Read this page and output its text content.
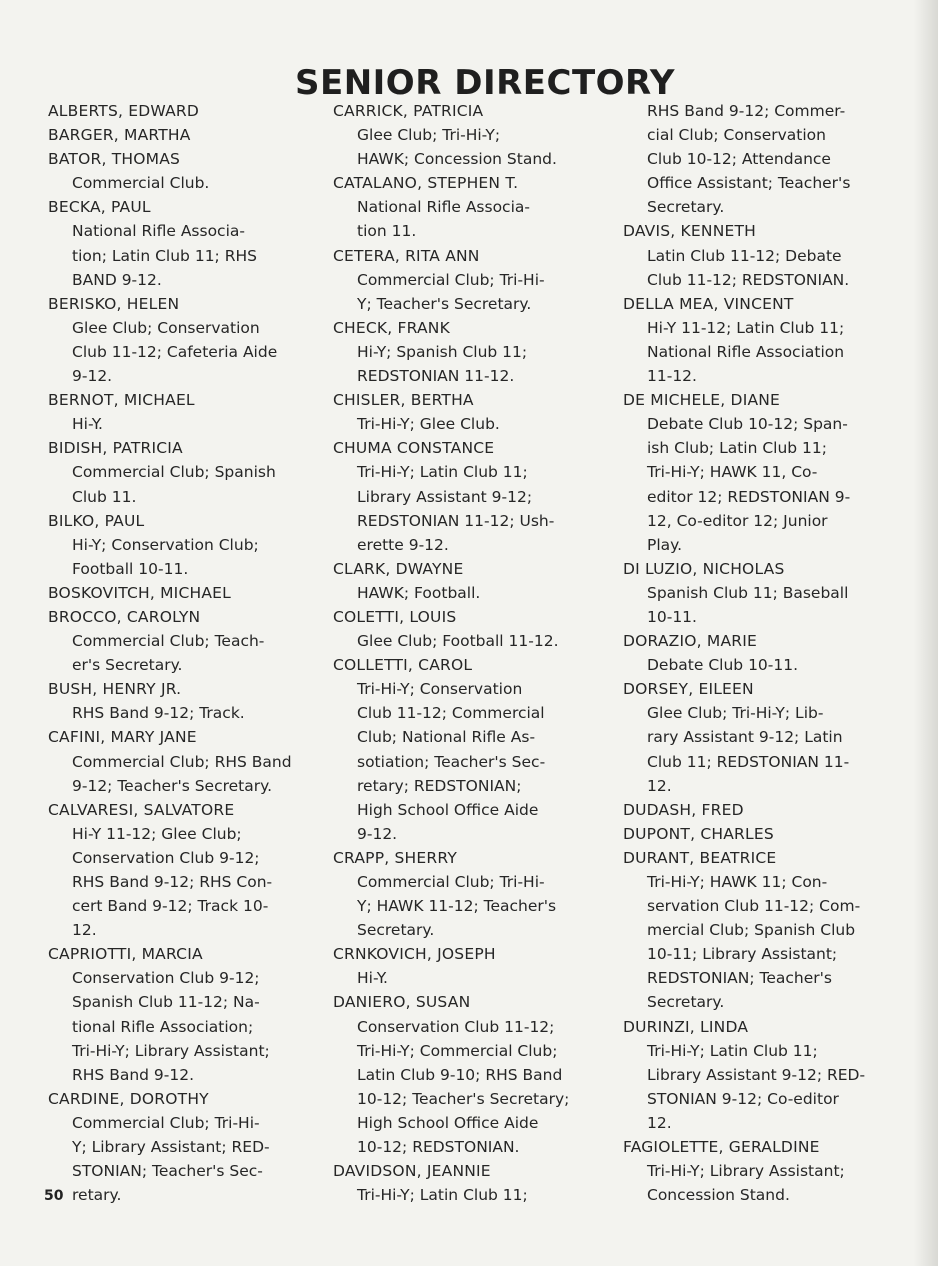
SENIOR DIRECTORY
ALBERTS, EDWARD
BARGER, MARTHA
BATOR, THOMAS
Commercial Club.
BECKA, PAUL
National Rifle Associa-
tion; Latin Club 11; RHS
BAND 9-12.
BERISKO, HELEN
Glee Club; Conservation
Club 11-12; Cafeteria Aide
9-12.
BERNOT, MICHAEL
Hi-Y.
BIDISH, PATRICIA
Commercial Club; Spanish
Club 11.
BILKO, PAUL
Hi-Y; Conservation Club;
Football 10-11.
BOSKOVITCH, MICHAEL
BROCCO, CAROLYN
Commercial Club; Teach-
er's Secretary.
BUSH, HENRY JR.
RHS Band 9-12; Track.
CAFINI, MARY JANE
Commercial Club; RHS Band
9-12; Teacher's Secretary.
CALVARESI, SALVATORE
Hi-Y 11-12; Glee Club;
Conservation Club 9-12;
RHS Band 9-12; RHS Con-
cert Band 9-12; Track 10-
12.
CAPRIOTTI, MARCIA
Conservation Club 9-12;
Spanish Club 11-12; Na-
tional Rifle Association;
Tri-Hi-Y; Library Assistant;
RHS Band 9-12.
CARDINE, DOROTHY
Commercial Club; Tri-Hi-
Y; Library Assistant; RED-
STONIAN; Teacher's Sec-
retary.
CARRICK, PATRICIA
Glee Club; Tri-Hi-Y;
HAWK; Concession Stand.
CATALANO, STEPHEN T.
National Rifle Associa-
tion 11.
CETERA, RITA ANN
Commercial Club; Tri-Hi-
Y; Teacher's Secretary.
CHECK, FRANK
Hi-Y; Spanish Club 11;
REDSTONIAN 11-12.
CHISLER, BERTHA
Tri-Hi-Y; Glee Club.
CHUMA CONSTANCE
Tri-Hi-Y; Latin Club 11;
Library Assistant 9-12;
REDSTONIAN 11-12; Ush-
erette 9-12.
CLARK, DWAYNE
HAWK; Football.
COLETTI, LOUIS
Glee Club; Football 11-12.
COLLETTI, CAROL
Tri-Hi-Y; Conservation
Club 11-12; Commercial
Club; National Rifle As-
sotiation; Teacher's Sec-
retary; REDSTONIAN;
High School Office Aide
9-12.
CRAPP, SHERRY
Commercial Club; Tri-Hi-
Y; HAWK 11-12; Teacher's
Secretary.
CRNKOVICH, JOSEPH
Hi-Y.
DANIERO, SUSAN
Conservation Club 11-12;
Tri-Hi-Y; Commercial Club;
Latin Club 9-10; RHS Band
10-12; Teacher's Secretary;
High School Office Aide
10-12; REDSTONIAN.
DAVIDSON, JEANNIE
Tri-Hi-Y; Latin Club 11;
RHS Band 9-12; Commer-
cial Club; Conservation
Club 10-12; Attendance
Office Assistant; Teacher's
Secretary.
DAVIS, KENNETH
Latin Club 11-12; Debate
Club 11-12; REDSTONIAN.
DELLA MEA, VINCENT
Hi-Y 11-12; Latin Club 11;
National Rifle Association
11-12.
DE MICHELE, DIANE
Debate Club 10-12; Span-
ish Club; Latin Club 11;
Tri-Hi-Y; HAWK 11, Co-
editor 12; REDSTONIAN 9-
12, Co-editor 12; Junior
Play.
DI LUZIO, NICHOLAS
Spanish Club 11; Baseball
10-11.
DORAZIO, MARIE
Debate Club 10-11.
DORSEY, EILEEN
Glee Club; Tri-Hi-Y; Lib-
rary Assistant 9-12; Latin
Club 11; REDSTONIAN 11-
12.
DUDASH, FRED
DUPONT, CHARLES
DURANT, BEATRICE
Tri-Hi-Y; HAWK 11; Con-
servation Club 11-12; Com-
mercial Club; Spanish Club
10-11; Library Assistant;
REDSTONIAN; Teacher's
Secretary.
DURINZI, LINDA
Tri-Hi-Y; Latin Club 11;
Library Assistant 9-12; RED-
STONIAN 9-12; Co-editor
12.
FAGIOLETTE, GERALDINE
Tri-Hi-Y; Library Assistant;
Concession Stand.
50
